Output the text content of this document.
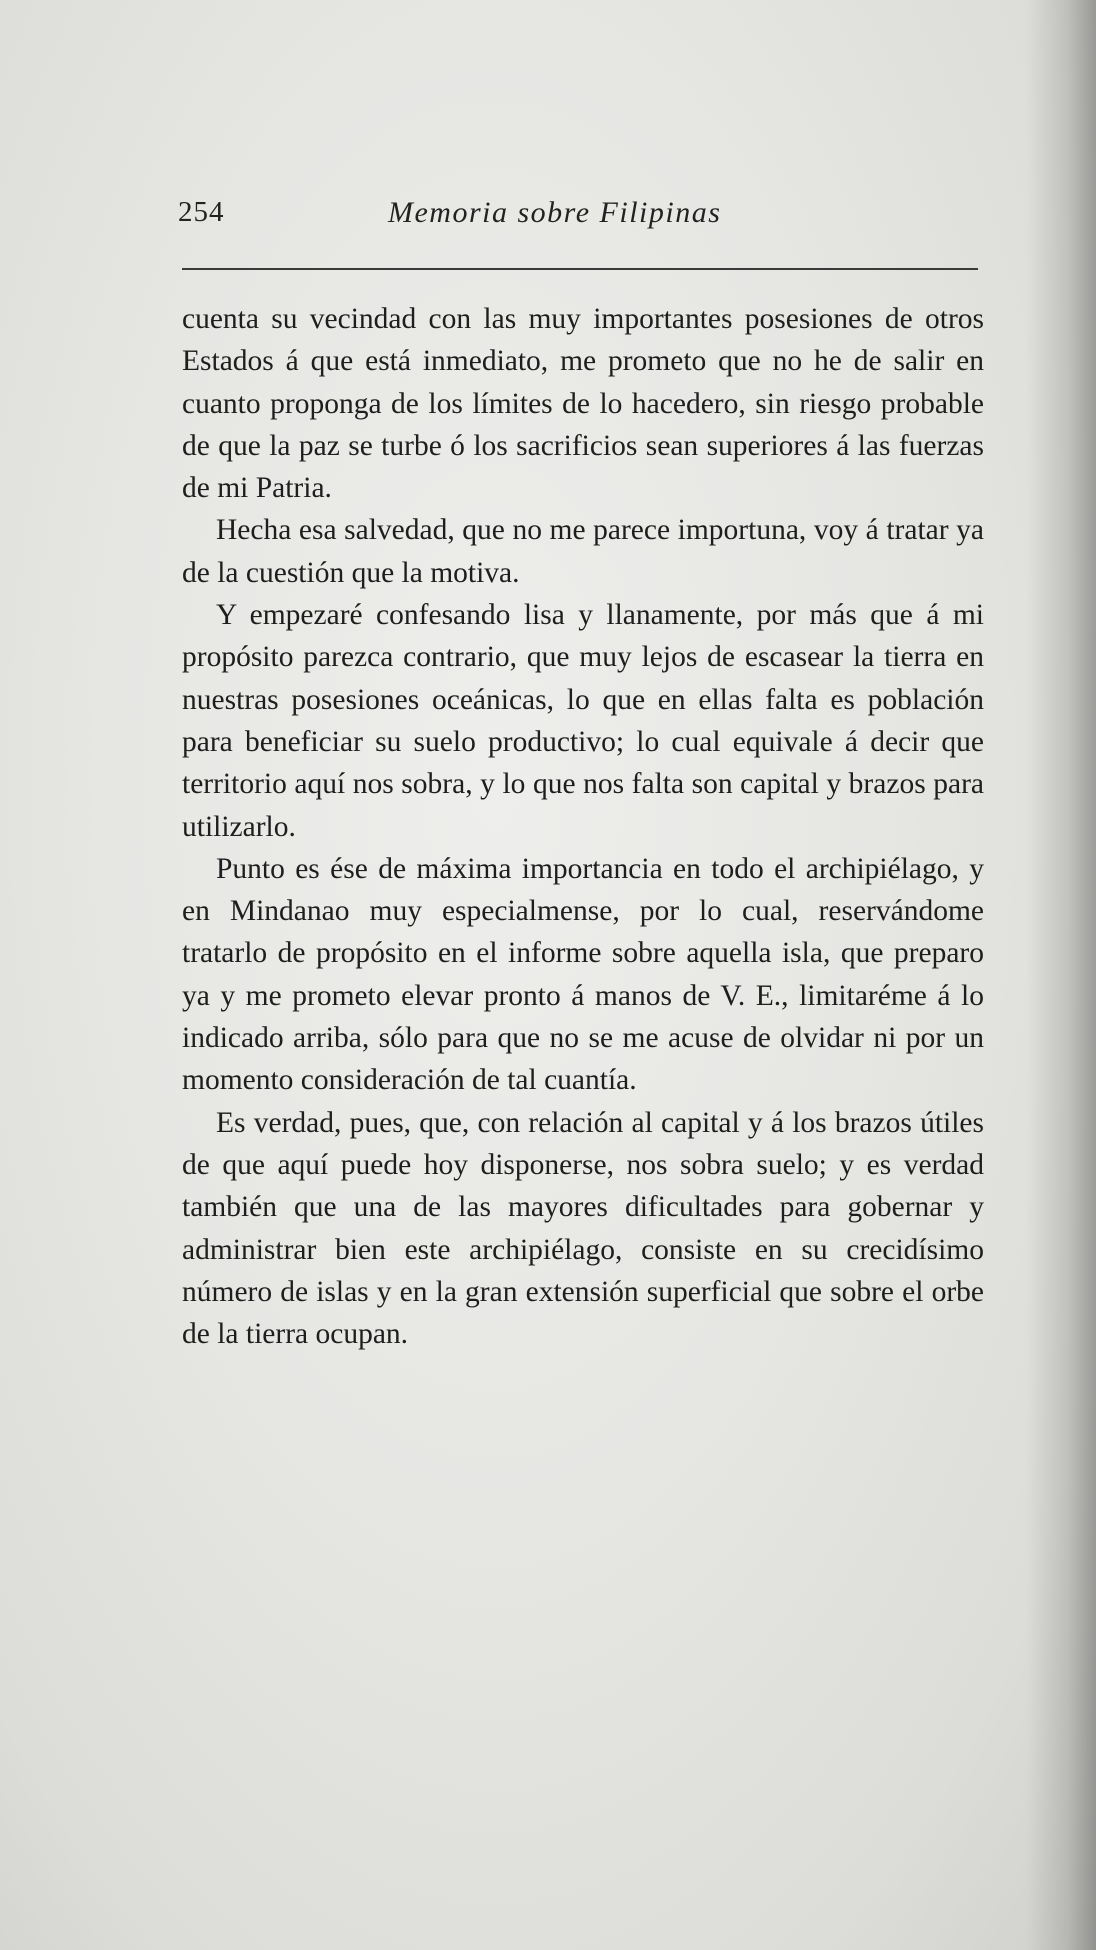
254	Memoria sobre Filipinas

cuenta su vecindad con las muy importantes posesiones de otros Estados á que está inmediato, me prometo que no he de salir en cuanto proponga de los límites de lo hacedero, sin riesgo probable de que la paz se turbe ó los sacrificios sean superiores á las fuerzas de mi Patria.

Hecha esa salvedad, que no me parece importuna, voy á tratar ya de la cuestión que la motiva.

Y empezaré confesando lisa y llanamente, por más que á mi propósito parezca contrario, que muy lejos de escasear la tierra en nuestras posesiones oceánicas, lo que en ellas falta es población para beneficiar su suelo productivo; lo cual equivale á decir que territorio aquí nos sobra, y lo que nos falta son capital y brazos para utilizarlo.

Punto es ése de máxima importancia en todo el archipiélago, y en Mindanao muy especialmense, por lo cual, reservándome tratarlo de propósito en el informe sobre aquella isla, que preparo ya y me prometo elevar pronto á manos de V. E., limitaréme á lo indicado arriba, sólo para que no se me acuse de olvidar ni por un momento consideración de tal cuantía.

Es verdad, pues, que, con relación al capital y á los brazos útiles de que aquí puede hoy disponerse, nos sobra suelo; y es verdad también que una de las mayores dificultades para gobernar y administrar bien este archipiélago, consiste en su crecidísimo número de islas y en la gran extensión superficial que sobre el orbe de la tierra ocupan.
